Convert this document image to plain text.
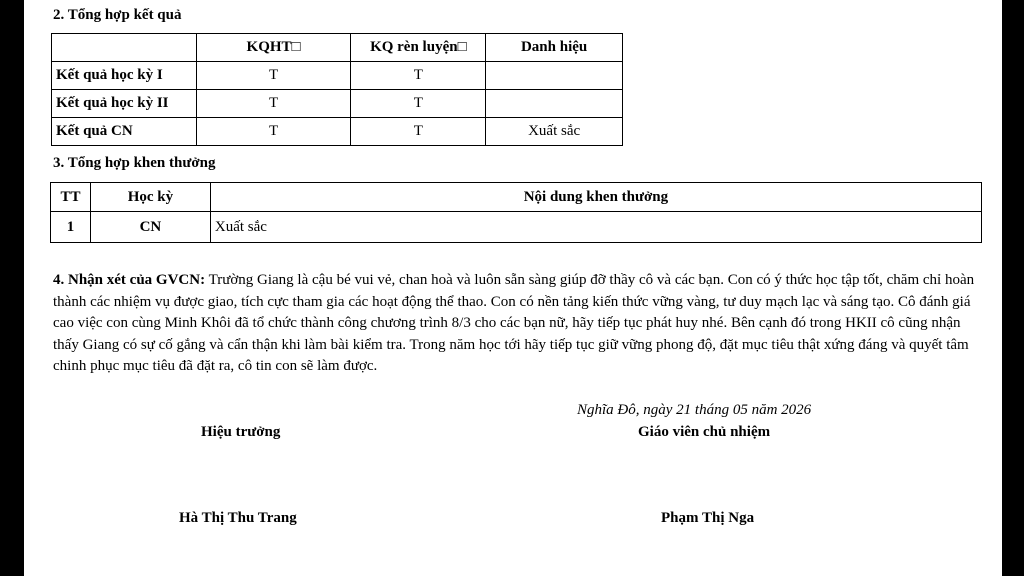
2. Tổng hợp kết quả
	KQHT□	KQ rèn luyện□	Danh hiệu
Kết quả học kỳ I	T	T	
Kết quả học kỳ II	T	T	
Kết quả CN	T	T	Xuất sắc
3. Tổng hợp khen thưởng
TT	Học kỳ	Nội dung khen thưởng
1	CN	Xuất sắc
4. Nhận xét của GVCN: Trường Giang là cậu bé vui vẻ, chan hoà và luôn sẵn sàng giúp đỡ thầy cô và các bạn. Con có ý thức học tập tốt, chăm chỉ hoàn thành các nhiệm vụ được giao, tích cực tham gia các hoạt động thể thao. Con có nền tảng kiến thức vững vàng, tư duy mạch lạc và sáng tạo. Cô đánh giá cao việc con cùng Minh Khôi đã tổ chức thành công chương trình 8/3 cho các bạn nữ, hãy tiếp tục phát huy nhé. Bên cạnh đó trong HKII cô cũng nhận thấy Giang có sự cố gắng và cẩn thận khi làm bài kiểm tra. Trong năm học tới hãy tiếp tục giữ vững phong độ, đặt mục tiêu thật xứng đáng và quyết tâm chinh phục mục tiêu đã đặt ra, cô tin con sẽ làm được.
Nghĩa Đô, ngày 21 tháng 05 năm 2026
Hiệu trưởng	Giáo viên chủ nhiệm
Hà Thị Thu Trang	Phạm Thị Nga
